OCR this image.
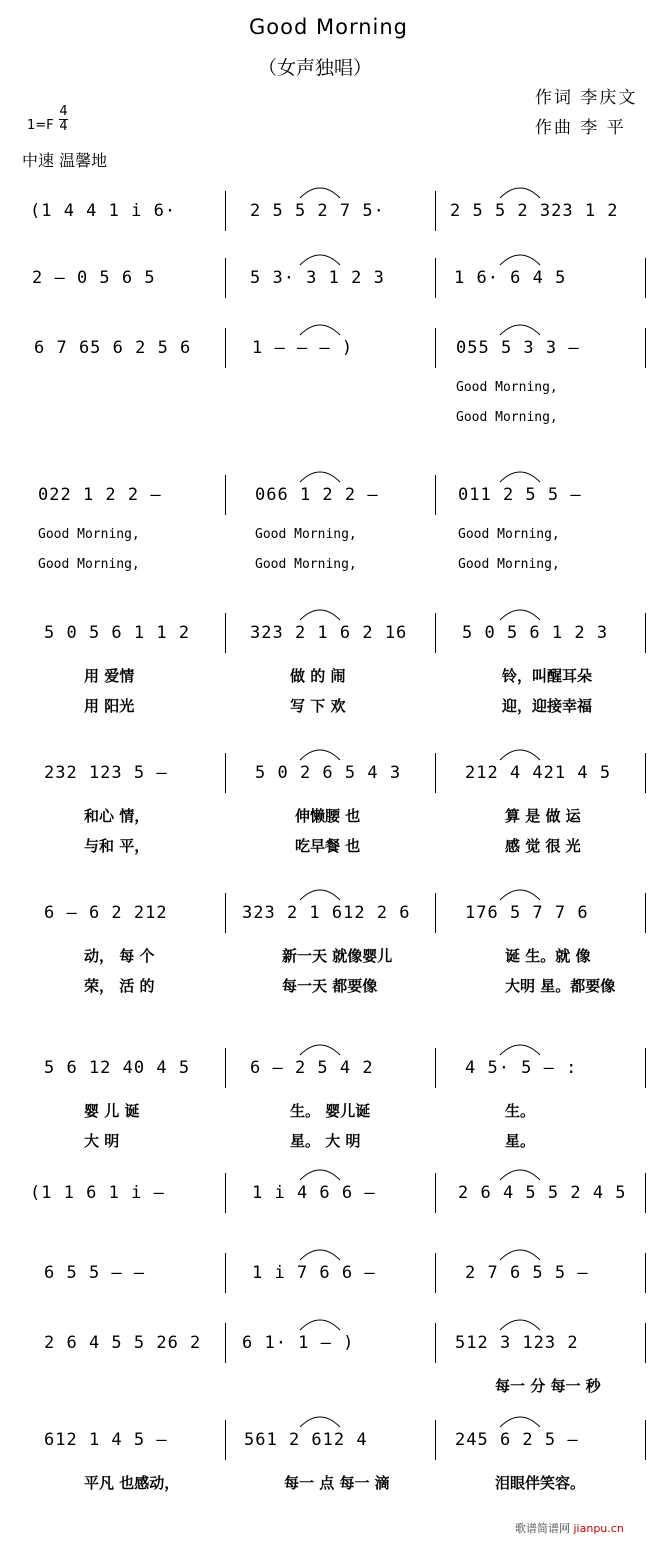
Good Morning
（女声独唱）
作词 李庆文
作曲 李 平
1=F
4
4
中速 温馨地
(1 4 4 1 i 6·	2 5 5 2 7 5·	2 5 5 2 323 1 2
2 – 0 5 6 5	5 3· 3 1 2 3	1 6· 6 4 5
6 7 65 6 2 5 6	1 – – – )	055 5 3 3 –
Good Morning,
Good Morning,
022 1 2 2 –
Good Morning,
Good Morning,
066 1 2 2 –
Good Morning,
Good Morning,
011 2 5 5 –
Good Morning,
Good Morning,
5 0 5 6 1 1 2
用 爱情
用 阳光
323 2 1 6 2 16
做 的 闹
写 下 欢
5 0 5 6 1 2 3
铃，叫醒耳朵
迎，迎接幸福
232 123 5 –
和心 情，
与和 平，
5 0 2 6 5 4 3
伸懒腰 也
吃早餐 也
212 4 421 4 5
算 是 做 运
感 觉 很 光
6 – 6 2 212
动， 每 个
荣， 活 的
323 2 1 612 2 6
新一天 就像婴儿
每一天 都要像
176 5 7 7 6
诞 生。就 像
大明 星。都要像
5 6 12 40 4 5
婴 儿 诞
大 明
6 – 2 5 4 2
生。 婴儿诞
星。 大 明
4 5· 5 – :
生。
星。
(1 1 6 1 i –	1 i 4 6 6 –	2 6 4 5 5 2 4 5
6 5 5 – –	1 i 7 6 6 –	2 7 6 5 5 –
2 6 4 5 5 26 2 6 1· 1 – )	512 3 123 2
每一 分 每一 秒
612 1 4 5 –
平凡 也感动，
561 2 612 4
每一 点 每一 滴
245 6 2 5 –
泪眼伴笑容。
歌谱简谱网 jianpu.cn
